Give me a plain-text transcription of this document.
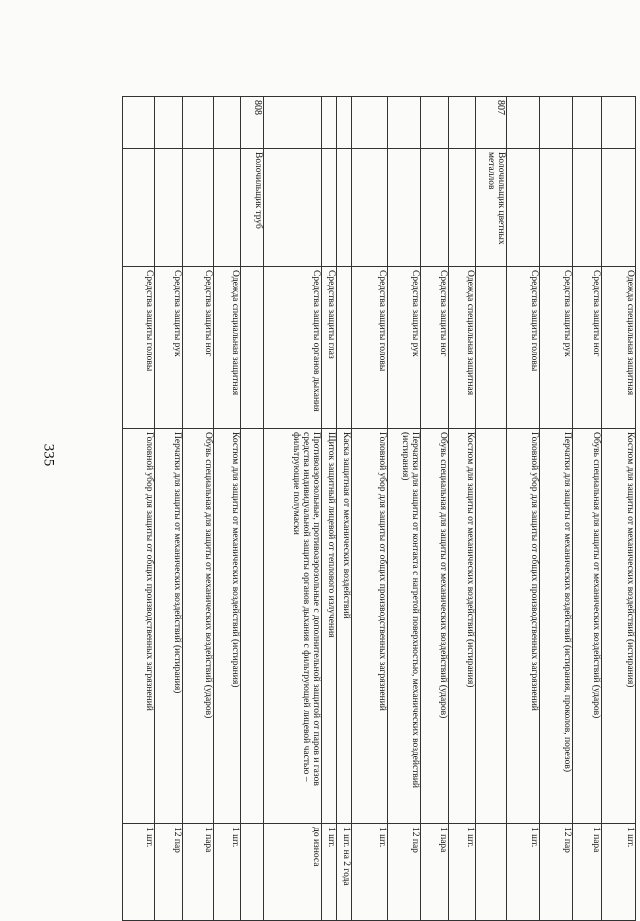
335
		Одежда специальная защитная	Костюм для защиты от механических воздействий (истирания)	1 шт.
		Средства защиты ног	Обувь специальная для защиты от механических воздействий (ударов)	1 пара
		Средства защиты рук	Перчатки для защиты от механических воздействий (истирания, проколов, порезов)	12 пар
		Средства защиты головы	Головной убор для защиты от общих производственных загрязнений	1 шт.
807	Волочильщик цветных металлов			
		Одежда специальная защитная	Костюм для защиты от механических воздействий (истирания)	1 шт.
		Средства защиты ног	Обувь специальная для защиты от механических воздействий (ударов)	1 пара
		Средства защиты рук	Перчатки для защиты от контакта с нагретой поверхностью, механических воздействий (истирания)	12 пар
		Средства защиты головы	Головной убор для защиты от общих производственных загрязнений	1 шт.
			Каска защитная от механических воздействий	1 шт. на 2 года
		Средства защиты глаз	Щиток защитный лицевой от теплового излучения	1 шт.
		Средства защиты органов дыхания	Противоаэрозольные, противоаэрозольные с дополнительной защитой от паров и газов средства индивидуальной защиты органов дыхания с фильтрующей лицевой частью – фильтрующие полумаски	до износа
808	Волочильщик труб			
		Одежда специальная защитная	Костюм для защиты от механических воздействий (истирания)	1 шт.
		Средства защиты ног	Обувь специальная для защиты от механических воздействий (ударов)	1 пара
		Средства защиты рук	Перчатки для защиты от механических воздействий (истирания)	12 пар
		Средства защиты головы	Головной убор для защиты от общих производственных загрязнений	1 шт.
